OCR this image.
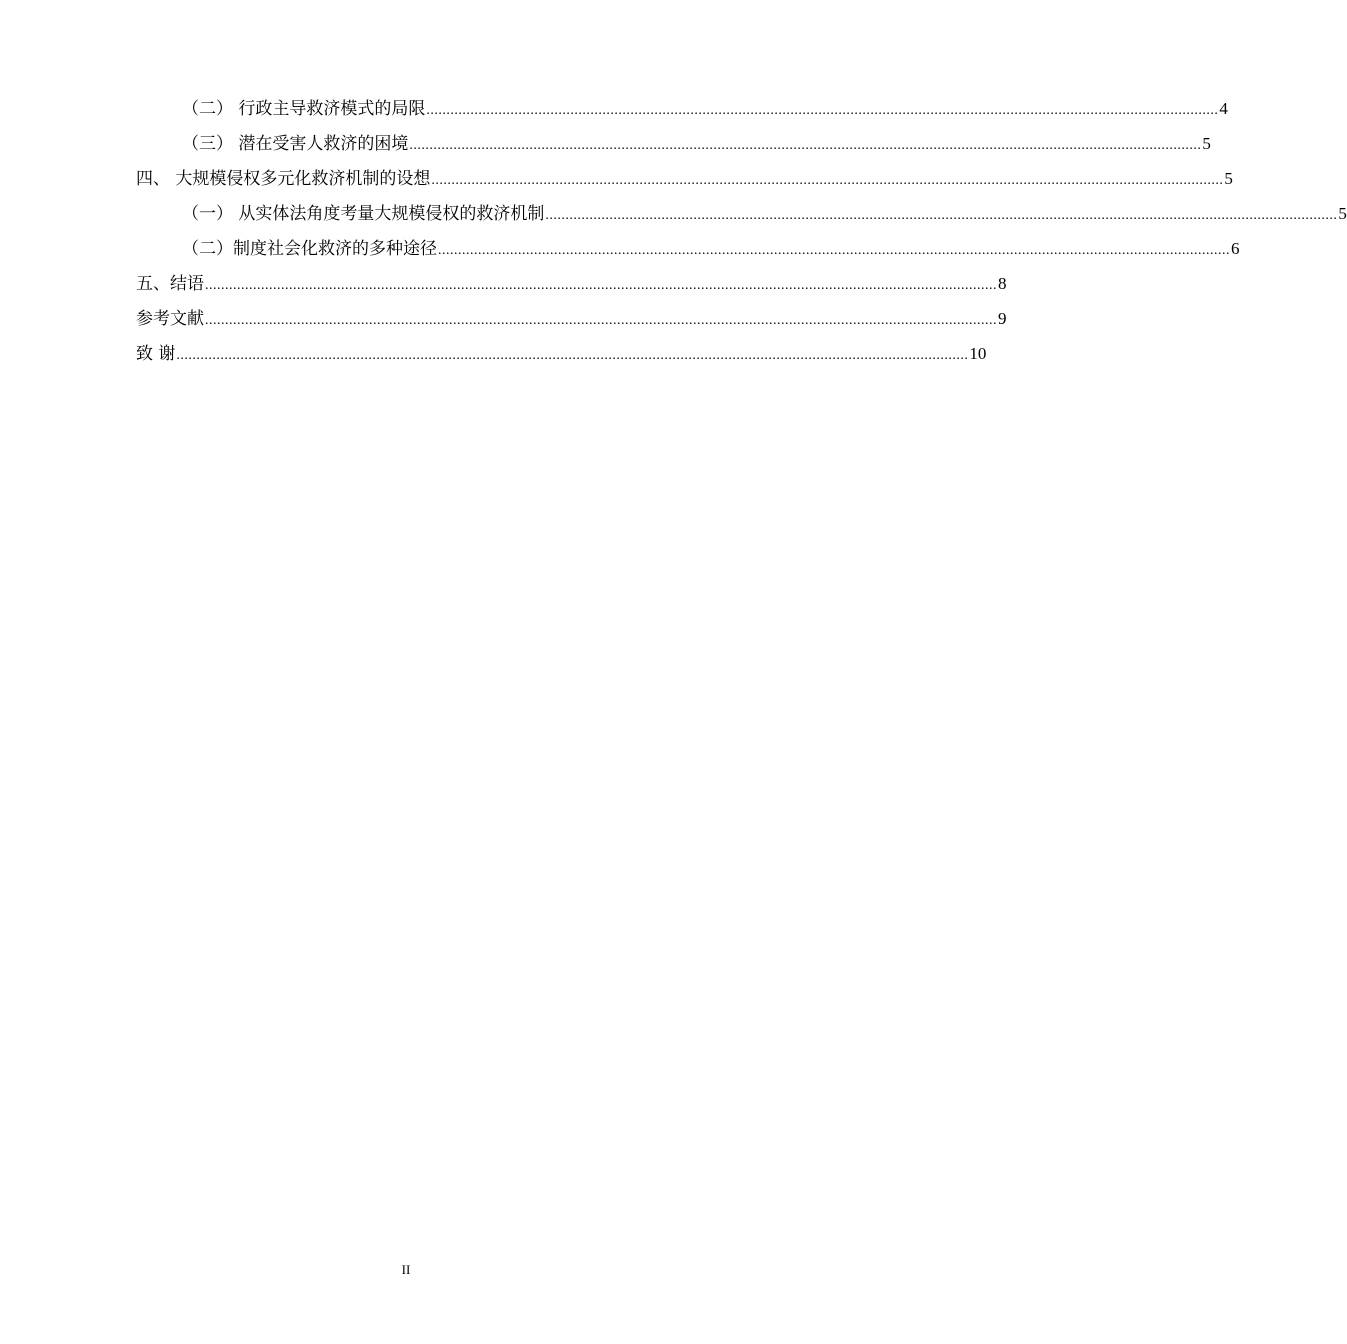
（二） 行政主导救济模式的局限 ...................................................................................................................................................................................................... 4
（三） 潜在受害人救济的困境 ...................................................................................................................................................................................................... 5
四、 大规模侵权多元化救济机制的设想 ...................................................................................................................................................................................................... 5
（一） 从实体法角度考量大规模侵权的救济机制 ...................................................................................................................................................................................................... 5
（二）制度社会化救济的多种途径 ...................................................................................................................................................................................................... 6
五、结语 ...................................................................................................................................................................................................... 8
参考文献 ...................................................................................................................................................................................................... 9
致 谢 ...................................................................................................................................................................................................... 10
II
